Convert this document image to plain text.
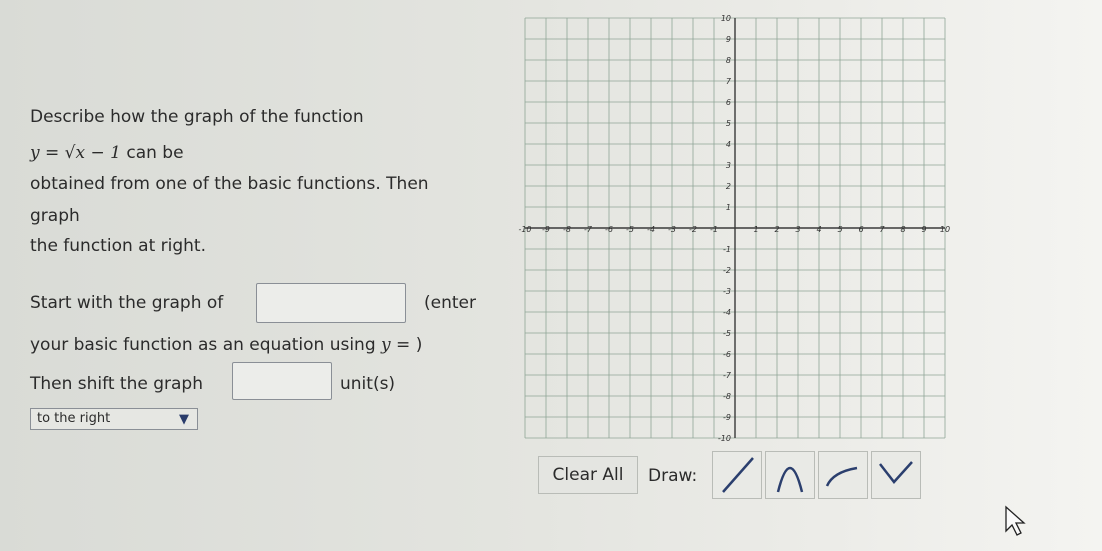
Describe how the graph of the function
y = √x − 1 can be
obtained from one of the basic functions. Then
graph
the function at right.
Start with the graph of	(enter
your basic function as an equation using y = )
Then shift the graph	unit(s)
to the right	▼
-10 -9 -8 -7 -6 -5 -4 -3 -2 -1	1 2 3 4 5 6 7 8 9 10
10
9
8
7
6
5
4
3
2
1
-1
-2
-3
-4
-5
-6
-7
-8
-9
-10
Clear All	Draw:
